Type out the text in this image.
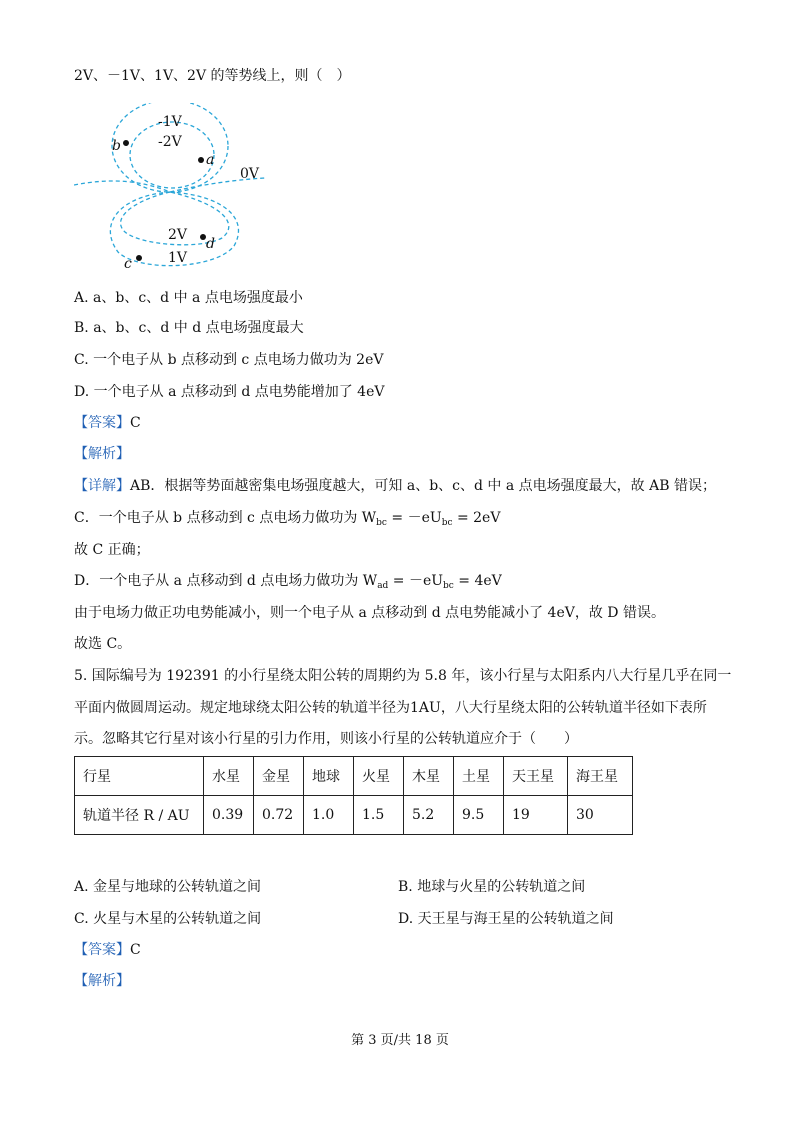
2V、－1V、1V、2V 的等势线上，则（　）
a
b
c
d
-1V
-2V
0V
2V
1V
A. a、b、c、d 中 a 点电场强度最小
B. a、b、c、d 中 d 点电场强度最大
C. 一个电子从 b 点移动到 c 点电场力做功为 2eV
D. 一个电子从 a 点移动到 d 点电势能增加了 4eV
【答案】C
【解析】
【详解】AB．根据等势面越密集电场强度越大，可知 a、b、c、d 中 a 点电场强度最大，故 AB 错误；
C．一个电子从 b 点移动到 c 点电场力做功为 $W_{bc} = -eU_{bc} = 2eV$
故 C 正确；
D．一个电子从 a 点移动到 d 点电场力做功为 $W_{ad} = -eU_{bc} = 4eV$
由于电场力做正功电势能减小，则一个电子从 a 点移动到 d 点电势能减小了 4eV，故 D 错误。
故选 C。
5. 国际编号为 192391 的小行星绕太阳公转的周期约为 5.8 年，该小行星与太阳系内八大行星几乎在同一
平面内做圆周运动。规定地球绕太阳公转的轨道半径为1AU，八大行星绕太阳的公转轨道半径如下表所
示。忽略其它行星对该小行星的引力作用，则该小行星的公转轨道应介于（　　）
行星	水星	金星	地球	火星	木星	土星	天王星	海王星
轨道半径 R / AU	0.39	0.72	1.0	1.5	5.2	9.5	19	30
A. 金星与地球的公转轨道之间	B. 地球与火星的公转轨道之间
C. 火星与木星的公转轨道之间	D. 天王星与海王星的公转轨道之间
【答案】C
【解析】
第 3 页/共 18 页
